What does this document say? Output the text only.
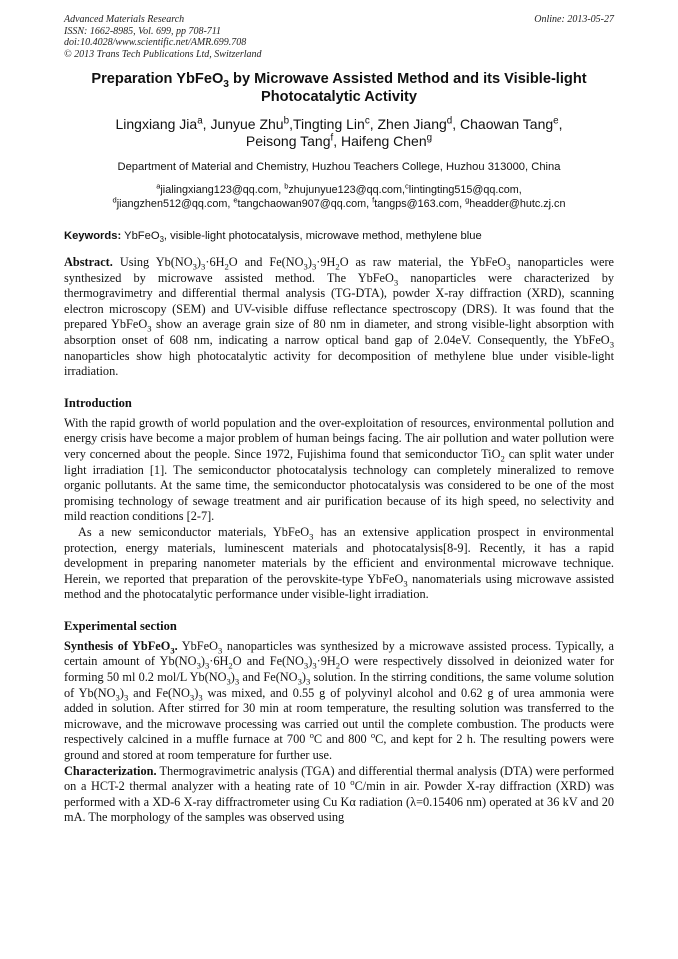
Advanced Materials Research
ISSN: 1662-8985, Vol. 699, pp 708-711
doi:10.4028/www.scientific.net/AMR.699.708
© 2013 Trans Tech Publications Ltd, Switzerland
Online: 2013-05-27
Preparation YbFeO$_3$ by Microwave Assisted Method and its Visible-light
Photocatalytic Activity
Lingxiang Jia$^a$, Junyue Zhu$^b$,Tingting Lin$^c$, Zhen Jiang$^d$, Chaowan Tang$^e$,
Peisong Tang$^f$, Haifeng Chen$^g$
Department of Material and Chemistry, Huzhou Teachers College, Huzhou 313000, China
$^a$jialingxiang123@qq.com, $^b$zhujunyue123@qq.com,$^c$lintingting515@qq.com,
$^d$jiangzhen512@qq.com, $^e$tangchaowan907@qq.com, $^f$tangps@163.com, $^g$headder@hutc.zj.cn
Keywords: YbFeO$_3$, visible-light photocatalysis, microwave method, methylene blue
Abstract. Using $Yb(NO_3)_3\cdot 6H_2O$ and $Fe(NO_3)_3\cdot 9H_2O$ as raw material, the YbFeO$_3$ nanoparticles were synthesized by microwave assisted method. The YbFeO$_3$ nanoparticles were characterized by thermogravimetry and differential thermal analysis (TG-DTA), powder X-ray diffraction (XRD), scanning electron microscopy (SEM) and UV-visible diffuse reflectance spectroscopy (DRS). It was found that the prepared YbFeO$_3$ show an average grain size of 80 nm in diameter, and strong visible-light absorption with absorption onset of 608 nm, indicating a narrow optical band gap of 2.04eV. Consequently, the YbFeO$_3$ nanoparticles show high photocatalytic activity for decomposition of methylene blue under visible-light irradiation.
Introduction
With the rapid growth of world population and the over-exploitation of resources, environmental pollution and energy crisis have become a major problem of human beings facing. The air pollution and water pollution were very concerned about the people. Since 1972, Fujishima found that semiconductor TiO$_2$ can split water under light irradiation [1]. The semiconductor photocatalysis technology can completely mineralized to remove organic pollutants. At the same time, the semiconductor photocatalysis was considered to be one of the most promising technology of sewage treatment and air purification because of its high speed, no selectivity and mild reaction conditions [2-7].
As a new semiconductor materials, YbFeO$_3$ has an extensive application prospect in environmental protection, energy materials, luminescent materials and photocatalysis[8-9]. Recently, it has a rapid development in preparing nanometer materials by the efficient and environmental microwave technique. Herein, we reported that preparation of the perovskite-type YbFeO$_3$ nanomaterials using microwave assisted method and the photocatalytic performance under visible-light irradiation.
Experimental section
Synthesis of YbFeO$_3$. YbFeO$_3$ nanoparticles was synthesized by a microwave assisted process. Typically, a certain amount of $Yb(NO_3)_3\cdot 6H_2O$ and $Fe(NO_3)_3\cdot 9H_2O$ were respectively dissolved in deionized water for forming 50 ml 0.2 mol/L $Yb(NO_3)_3$ and $Fe(NO_3)_3$ solution. In the stirring conditions, the same volume solution of $Yb(NO_3)_3$ and $Fe(NO_3)_3$ was mixed, and 0.55 g of polyvinyl alcohol and 0.62 g of urea ammonia were added in solution. After stirred for 30 min at room temperature, the resulting solution was transferred to the microwave, and the microwave processing was carried out until the complete combustion. The products were respectively calcined in a muffle furnace at 700 $^o$C and 800 $^o$C, and kept for 2 h. The resulting powers were ground and stored at room temperature for further use.
Characterization. Thermogravimetric analysis (TGA) and differential thermal analysis (DTA) were performed on a HCT-2 thermal analyzer with a heating rate of 10 $^o$C/min in air. Powder X-ray diffraction (XRD) was performed with a XD-6 X-ray diffractrometer using Cu Kα radiation (λ=0.15406 nm) operated at 36 kV and 20 mA. The morphology of the samples was observed using
